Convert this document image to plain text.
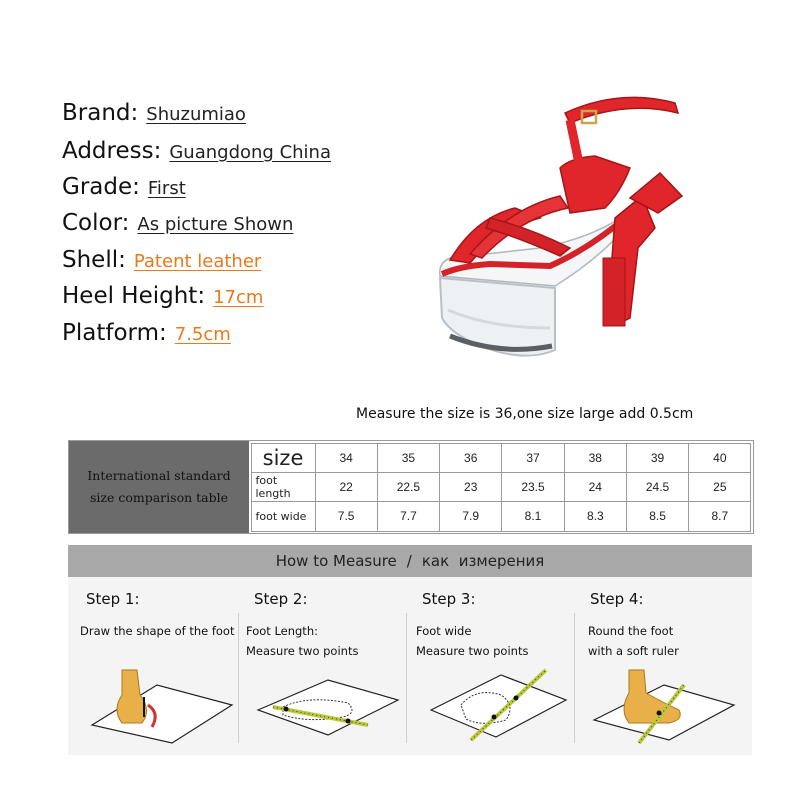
Brand: Shuzumiao
Address: Guangdong China
Grade: First
Color: As picture Shown
Shell: Patent leather
Heel Height: 17cm
Platform: 7.5cm
Measure the size is 36,one size large add 0.5cm
International standard
size comparison table
size	34	35	36	37	38	39	40
foot length	22	22.5	23	23.5	24	24.5	25
foot wide	7.5	7.7	7.9	8.1	8.3	8.5	8.7
How to Measure / как  измерения
Step 1:
Draw the shape of the foot
Step 2:
Foot Length:
Measure two points
Step 3:
Foot wide
Measure two points
Step 4:
Round the foot
with a soft ruler
